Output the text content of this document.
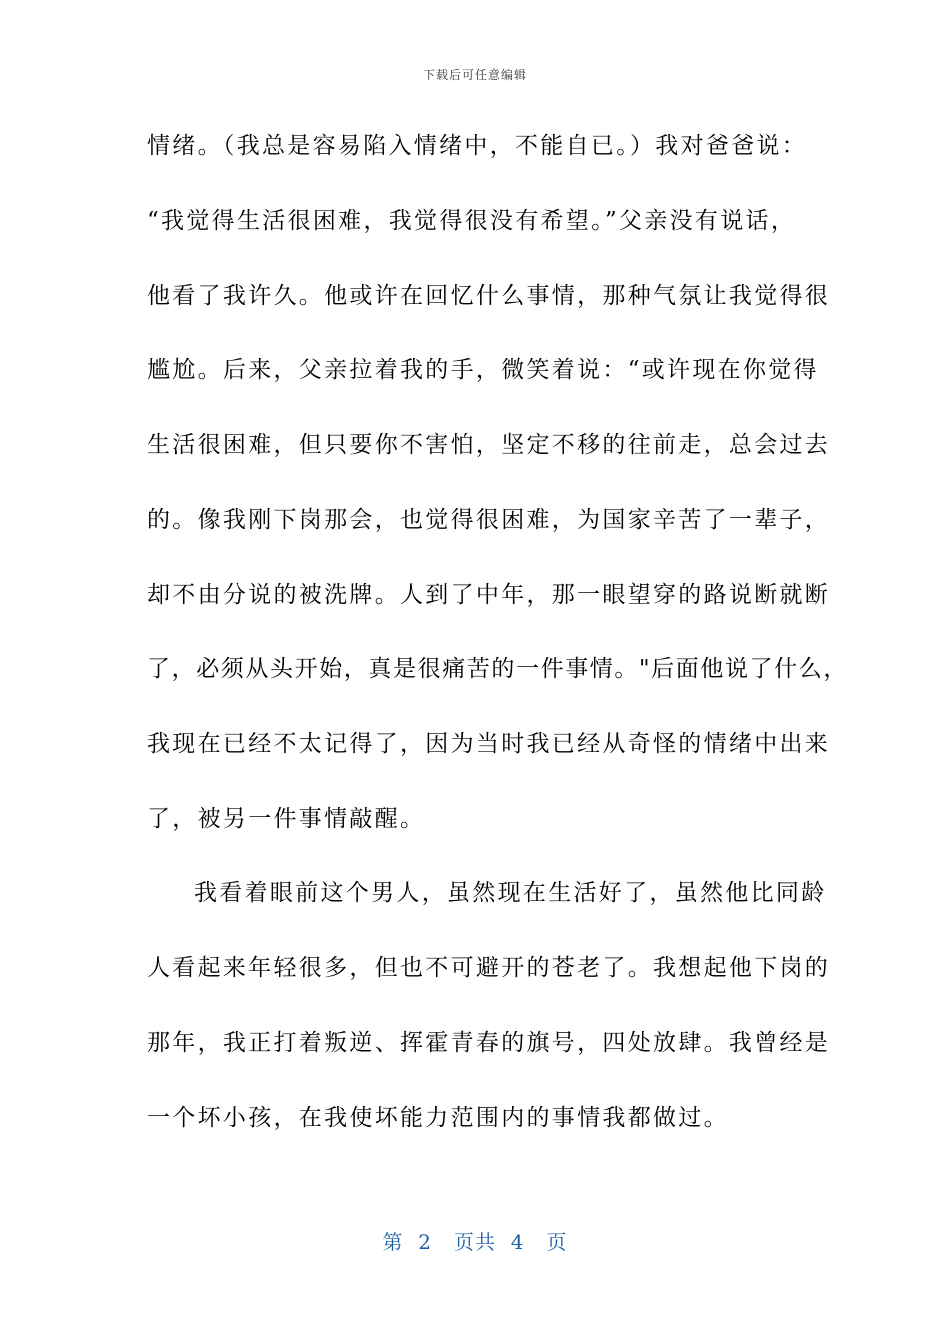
下载后可任意编辑
情绪。（我总是容易陷入情绪中，不能自已。）我对爸爸说：
“我觉得生活很困难，我觉得很没有希望。”父亲没有说话，
他看了我许久。他或许在回忆什么事情，那种气氛让我觉得很
尴尬。后来，父亲拉着我的手，微笑着说：“或许现在你觉得
生活很困难，但只要你不害怕，坚定不移的往前走，总会过去
的。像我刚下岗那会，也觉得很困难，为国家辛苦了一辈子，
却不由分说的被洗牌。人到了中年，那一眼望穿的路说断就断
了，必须从头开始，真是很痛苦的一件事情。"后面他说了什么，
我现在已经不太记得了，因为当时我已经从奇怪的情绪中出来
了，被另一件事情敲醒。
我看着眼前这个男人，虽然现在生活好了，虽然他比同龄
人看起来年轻很多，但也不可避开的苍老了。我想起他下岗的
那年，我正打着叛逆、挥霍青春的旗号，四处放肆。我曾经是
一个坏小孩，在我使坏能力范围内的事情我都做过。
第  2   页共  4   页
